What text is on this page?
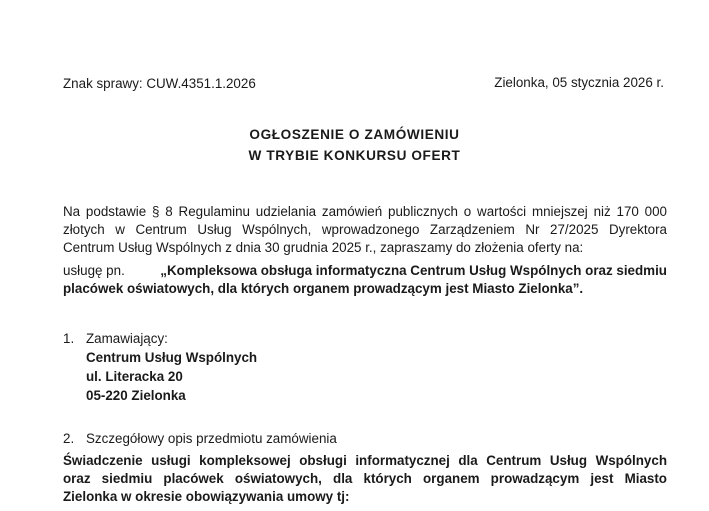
Znak sprawy: CUW.4351.1.2026	Zielonka, 05 stycznia 2026 r.
OGŁOSZENIE O ZAMÓWIENIU
W TRYBIE KONKURSU OFERT
Na podstawie § 8 Regulaminu udzielania zamówień publicznych o wartości mniejszej niż 170 000
złotych w Centrum Usług Wspólnych, wprowadzonego Zarządzeniem Nr 27/2025 Dyrektora
Centrum Usług Wspólnych z dnia 30 grudnia 2025 r., zapraszamy do złożenia oferty na:
usługę pn. „Kompleksowa obsługa informatyczna Centrum Usług Wspólnych oraz siedmiu
placówek oświatowych, dla których organem prowadzącym jest Miasto Zielonka”.
1. Zamawiający:
Centrum Usług Wspólnych
ul. Literacka 20
05-220 Zielonka
2. Szczegółowy opis przedmiotu zamówienia
Świadczenie usługi kompleksowej obsługi informatycznej dla Centrum Usług Wspólnych
oraz siedmiu placówek oświatowych, dla których organem prowadzącym jest Miasto
Zielonka w okresie obowiązywania umowy tj:
